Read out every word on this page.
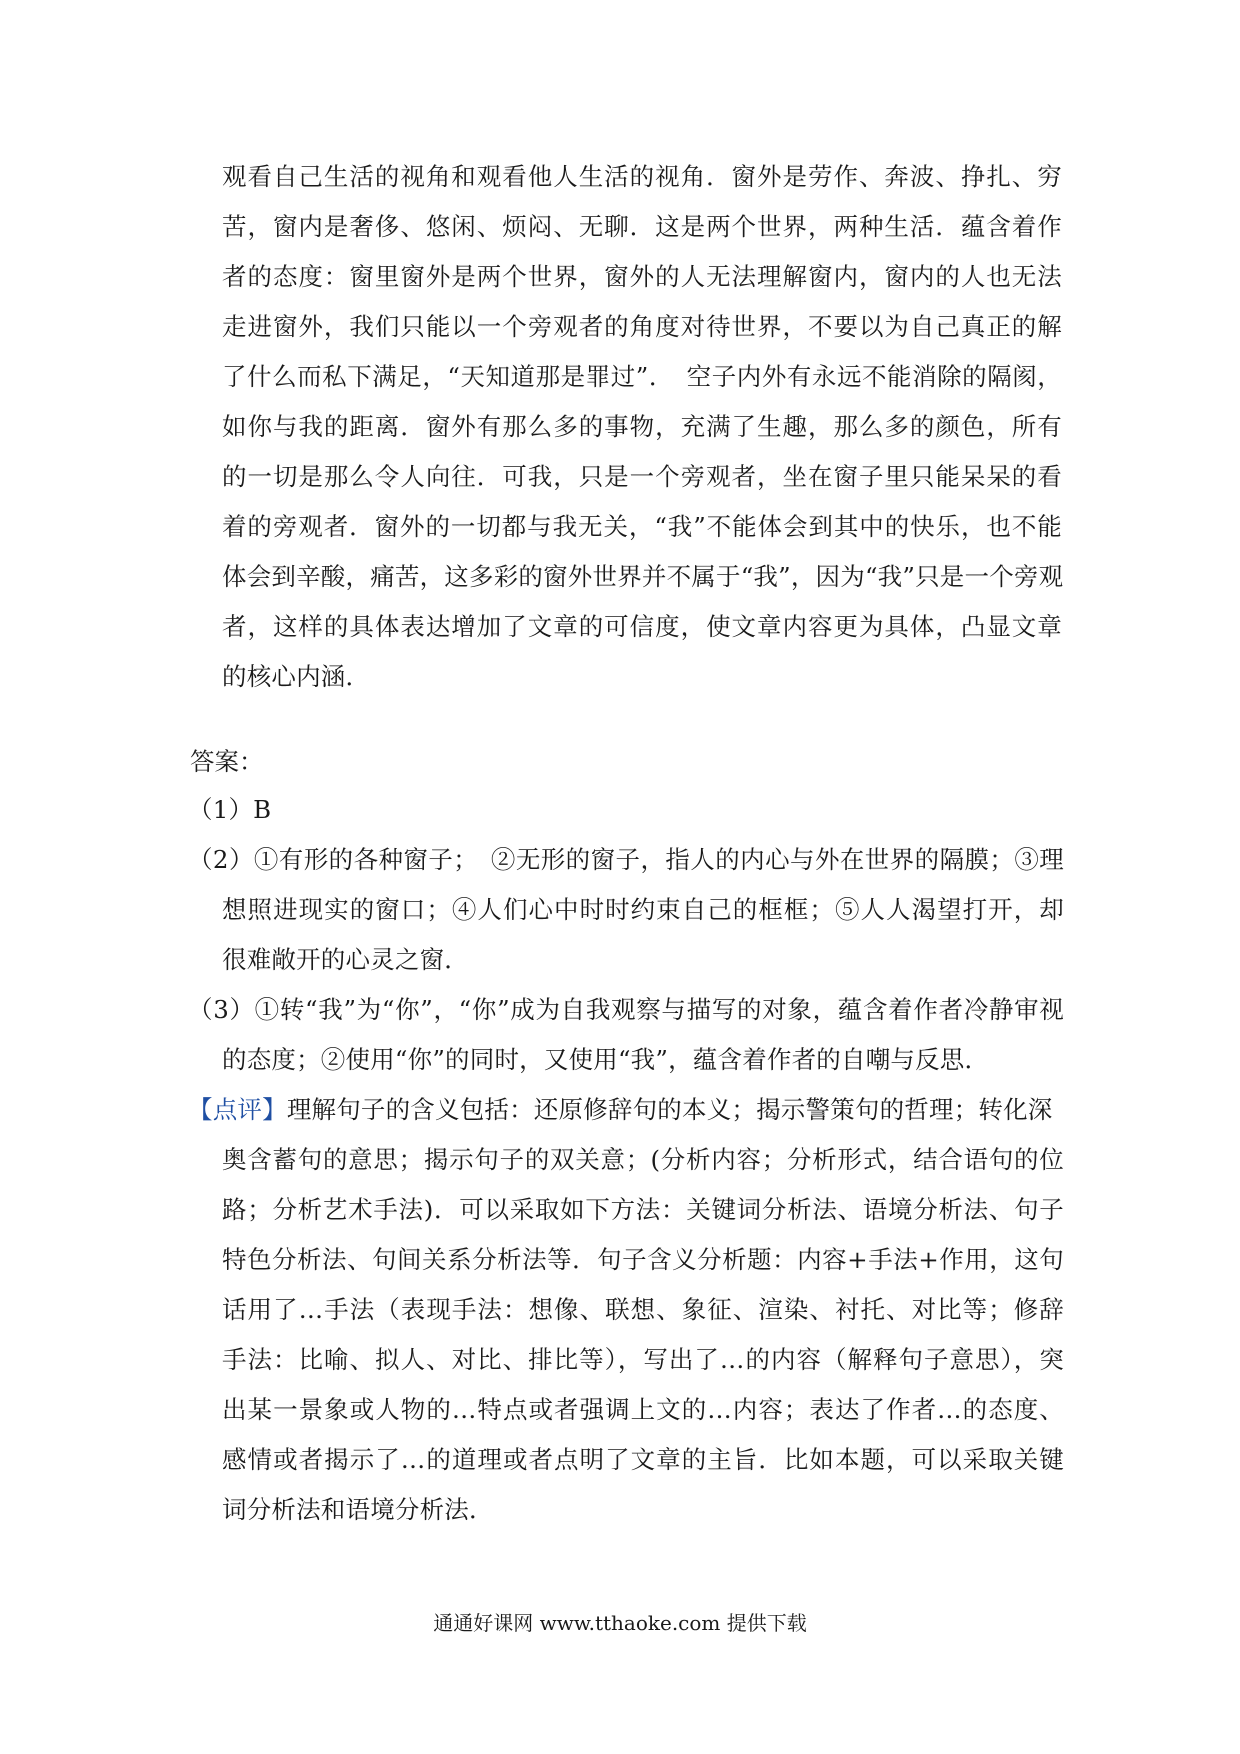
观看自己生活的视角和观看他人生活的视角．窗外是劳作、奔波、挣扎、穷
苦，窗内是奢侈、悠闲、烦闷、无聊．这是两个世界，两种生活．蕴含着作
者的态度：窗里窗外是两个世界，窗外的人无法理解窗内，窗内的人也无法
走进窗外，我们只能以一个旁观者的角度对待世界，不要以为自己真正的解
了什么而私下满足，“天知道那是罪过”．　空子内外有永远不能消除的隔阂，
如你与我的距离．窗外有那么多的事物，充满了生趣，那么多的颜色，所有
的一切是那么令人向往．可我，只是一个旁观者，坐在窗子里只能呆呆的看
着的旁观者．窗外的一切都与我无关，“我”不能体会到其中的快乐，也不能
体会到辛酸，痛苦，这多彩的窗外世界并不属于“我”，因为“我”只是一个旁观
者，这样的具体表达增加了文章的可信度，使文章内容更为具体，凸显文章
的核心内涵．
答案：
（1）B
（2）①有形的各种窗子；　②无形的窗子，指人的内心与外在世界的隔膜；③理
想照进现实的窗口；④人们心中时时约束自己的框框；⑤人人渴望打开，却
很难敞开的心灵之窗．
（3）①转“我”为“你”，“你”成为自我观察与描写的对象，蕴含着作者冷静审视
的态度；②使用“你”的同时，又使用“我”，蕴含着作者的自嘲与反思．
【点评】理解句子的含义包括：还原修辞句的本义；揭示警策句的哲理；转化深
奥含蓄句的意思；揭示句子的双关意；(分析内容；分析形式，结合语句的位
路；分析艺术手法)．可以采取如下方法：关键词分析法、语境分析法、句子
特色分析法、句间关系分析法等．句子含义分析题：内容+手法+作用，这句
话用了…手法（表现手法：想像、联想、象征、渲染、衬托、对比等；修辞
手法：比喻、拟人、对比、排比等），写出了…的内容（解释句子意思），突
出某一景象或人物的…特点或者强调上文的…内容；表达了作者…的态度、
感情或者揭示了…的道理或者点明了文章的主旨．比如本题，可以采取关键
词分析法和语境分析法．
通通好课网 www.tthaoke.com 提供下载
